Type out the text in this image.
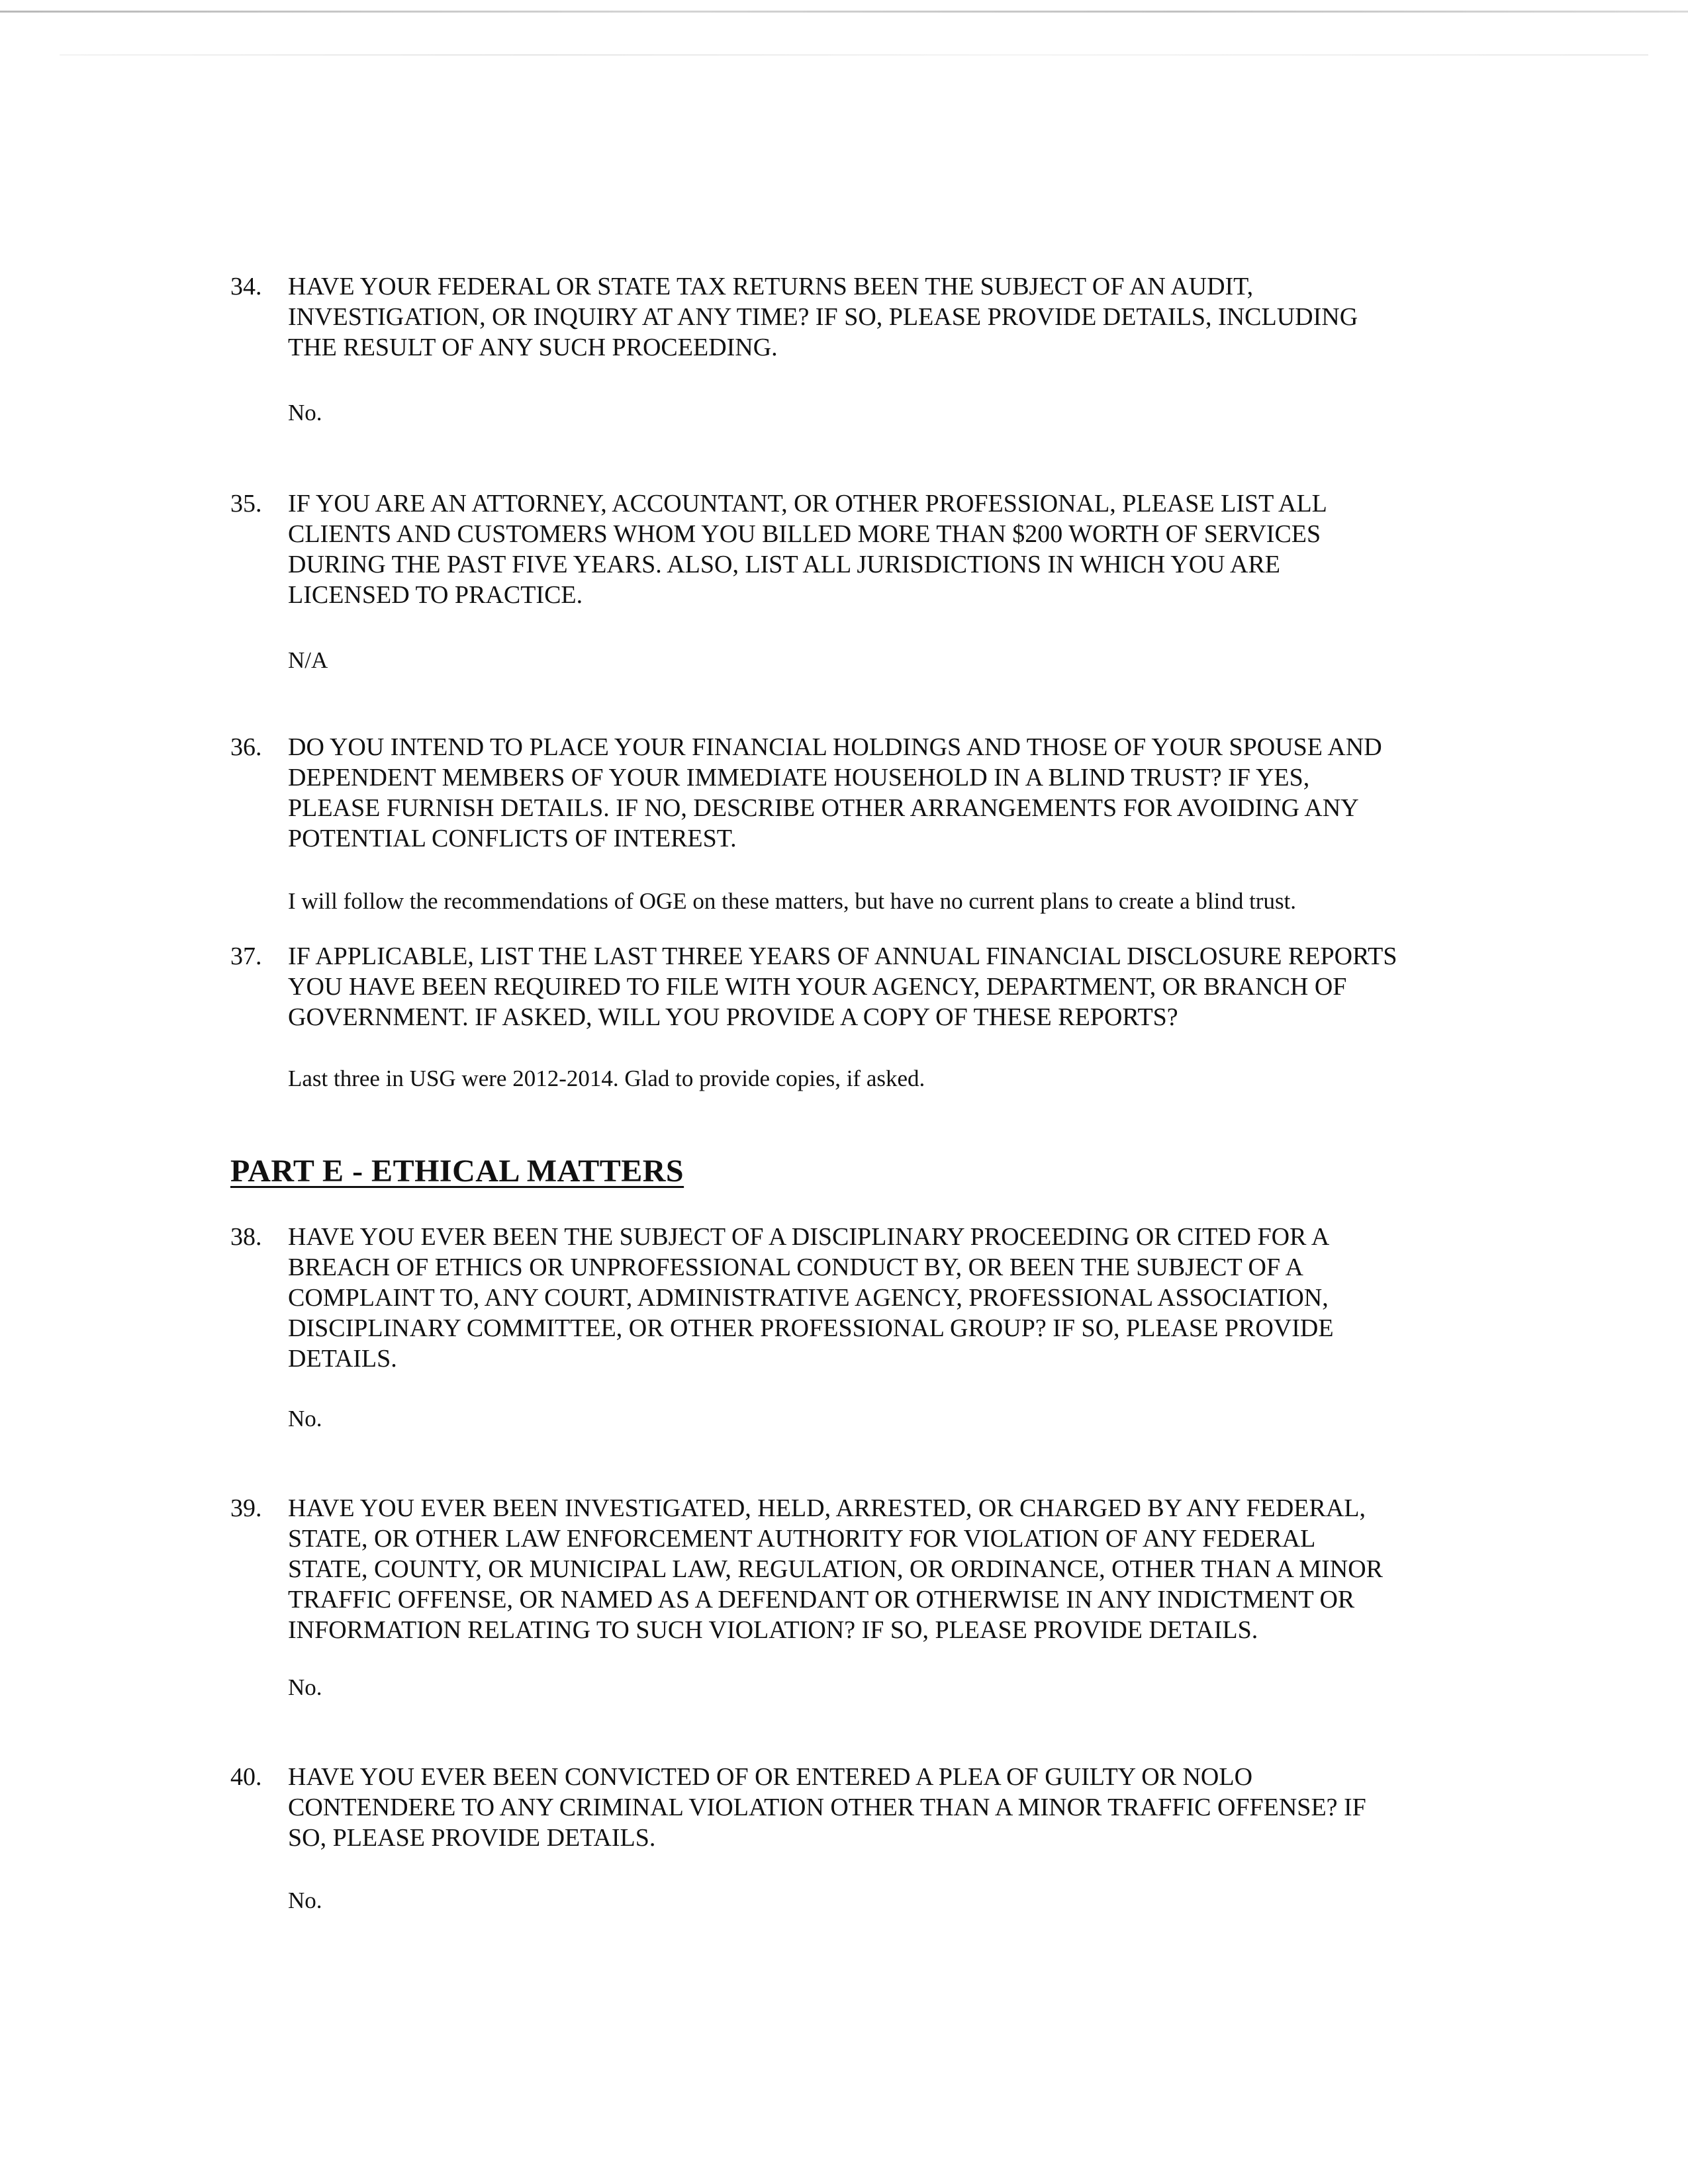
34.	HAVE YOUR FEDERAL OR STATE TAX RETURNS BEEN THE SUBJECT OF AN AUDIT,
INVESTIGATION, OR INQUIRY AT ANY TIME? IF SO, PLEASE PROVIDE DETAILS, INCLUDING
THE RESULT OF ANY SUCH PROCEEDING.
No.
35.	IF YOU ARE AN ATTORNEY, ACCOUNTANT, OR OTHER PROFESSIONAL, PLEASE LIST ALL
CLIENTS AND CUSTOMERS WHOM YOU BILLED MORE THAN $200 WORTH OF SERVICES
DURING THE PAST FIVE YEARS. ALSO, LIST ALL JURISDICTIONS IN WHICH YOU ARE
LICENSED TO PRACTICE.
N/A
36.	DO YOU INTEND TO PLACE YOUR FINANCIAL HOLDINGS AND THOSE OF YOUR SPOUSE AND
DEPENDENT MEMBERS OF YOUR IMMEDIATE HOUSEHOLD IN A BLIND TRUST? IF YES,
PLEASE FURNISH DETAILS. IF NO, DESCRIBE OTHER ARRANGEMENTS FOR AVOIDING ANY
POTENTIAL CONFLICTS OF INTEREST.
I will follow the recommendations of OGE on these matters, but have no current plans to create a blind trust.
37.	IF APPLICABLE, LIST THE LAST THREE YEARS OF ANNUAL FINANCIAL DISCLOSURE REPORTS
YOU HAVE BEEN REQUIRED TO FILE WITH YOUR AGENCY, DEPARTMENT, OR BRANCH OF
GOVERNMENT. IF ASKED, WILL YOU PROVIDE A COPY OF THESE REPORTS?
Last three in USG were 2012-2014. Glad to provide copies, if asked.
PART E - ETHICAL MATTERS
38.	HAVE YOU EVER BEEN THE SUBJECT OF A DISCIPLINARY PROCEEDING OR CITED FOR A
BREACH OF ETHICS OR UNPROFESSIONAL CONDUCT BY, OR BEEN THE SUBJECT OF A
COMPLAINT TO, ANY COURT, ADMINISTRATIVE AGENCY, PROFESSIONAL ASSOCIATION,
DISCIPLINARY COMMITTEE, OR OTHER PROFESSIONAL GROUP? IF SO, PLEASE PROVIDE
DETAILS.
No.
39.	HAVE YOU EVER BEEN INVESTIGATED, HELD, ARRESTED, OR CHARGED BY ANY FEDERAL,
STATE, OR OTHER LAW ENFORCEMENT AUTHORITY FOR VIOLATION OF ANY FEDERAL
STATE, COUNTY, OR MUNICIPAL LAW, REGULATION, OR ORDINANCE, OTHER THAN A MINOR
TRAFFIC OFFENSE, OR NAMED AS A DEFENDANT OR OTHERWISE IN ANY INDICTMENT OR
INFORMATION RELATING TO SUCH VIOLATION? IF SO, PLEASE PROVIDE DETAILS.
No.
40.	HAVE YOU EVER BEEN CONVICTED OF OR ENTERED A PLEA OF GUILTY OR NOLO
CONTENDERE TO ANY CRIMINAL VIOLATION OTHER THAN A MINOR TRAFFIC OFFENSE? IF
SO, PLEASE PROVIDE DETAILS.
No.
